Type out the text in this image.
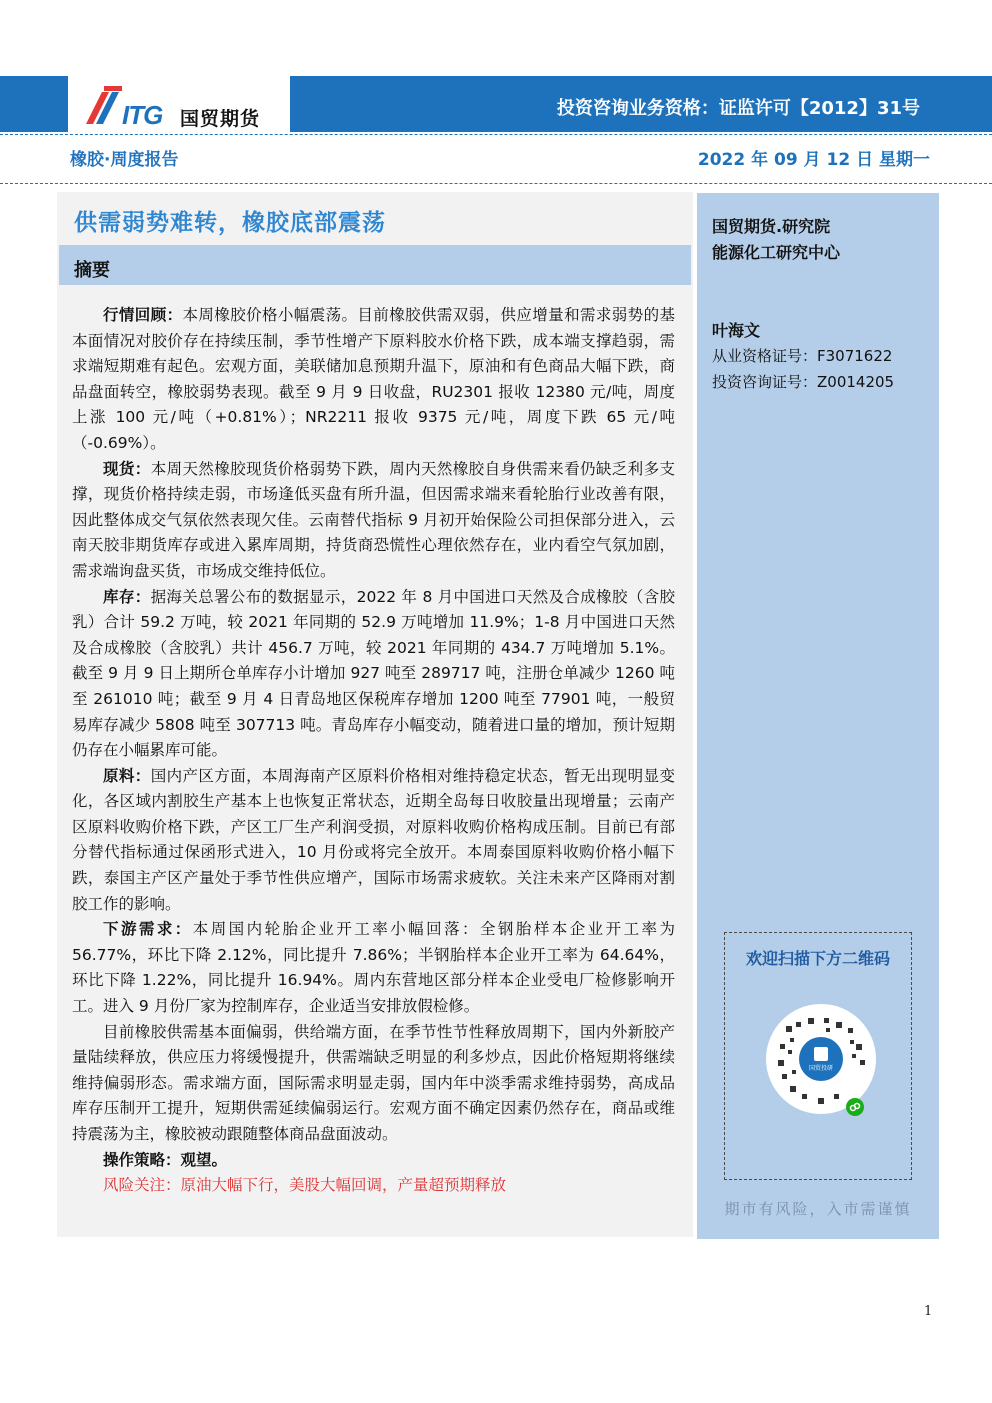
ITG 国贸期货	投资咨询业务资格：证监许可【2012】31号
橡胶·周度报告	2022 年 09 月 12 日 星期一
供需弱势难转，橡胶底部震荡
摘要

行情回顾：本周橡胶价格小幅震荡。目前橡胶供需双弱，供应增量和需求弱势的基本面情况对胶价存在持续压制，季节性增产下原料胶水价格下跌，成本端支撑趋弱，需求端短期难有起色。宏观方面，美联储加息预期升温下，原油和有色商品大幅下跌，商品盘面转空，橡胶弱势表现。截至 9 月 9 日收盘，RU2301 报收 12380 元/吨，周度上涨 100 元/吨（+0.81%）；NR2211 报收 9375 元/吨，周度下跌 65 元/吨（-0.69%）。

现货：本周天然橡胶现货价格弱势下跌，周内天然橡胶自身供需来看仍缺乏利多支撑，现货价格持续走弱，市场逢低买盘有所升温，但因需求端来看轮胎行业改善有限，因此整体成交气氛依然表现欠佳。云南替代指标 9 月初开始保险公司担保部分进入，云南天胶非期货库存或进入累库周期，持货商恐慌性心理依然存在，业内看空气氛加剧，需求端询盘买货，市场成交维持低位。

库存：据海关总署公布的数据显示，2022 年 8 月中国进口天然及合成橡胶（含胶乳）合计 59.2 万吨，较 2021 年同期的 52.9 万吨增加 11.9%；1-8 月中国进口天然及合成橡胶（含胶乳）共计 456.7 万吨，较 2021 年同期的 434.7 万吨增加 5.1%。截至 9 月 9 日上期所仓单库存小计增加 927 吨至 289717 吨，注册仓单减少 1260 吨至 261010 吨；截至 9 月 4 日青岛地区保税库存增加 1200 吨至 77901 吨，一般贸易库存减少 5808 吨至 307713 吨。青岛库存小幅变动，随着进口量的增加，预计短期仍存在小幅累库可能。

原料：国内产区方面，本周海南产区原料价格相对维持稳定状态，暂无出现明显变化，各区域内割胶生产基本上也恢复正常状态，近期全岛每日收胶量出现增量；云南产区原料收购价格下跌，产区工厂生产利润受损，对原料收购价格构成压制。目前已有部分替代指标通过保函形式进入，10 月份或将完全放开。本周泰国原料收购价格小幅下跌，泰国主产区产量处于季节性供应增产，国际市场需求疲软。关注未来产区降雨对割胶工作的影响。

下游需求：本周国内轮胎企业开工率小幅回落：全钢胎样本企业开工率为 56.77%，环比下降 2.12%，同比提升 7.86%；半钢胎样本企业开工率为 64.64%，环比下降 1.22%，同比提升 16.94%。周内东营地区部分样本企业受电厂检修影响开工。进入 9 月份厂家为控制库存，企业适当安排放假检修。

目前橡胶供需基本面偏弱，供给端方面，在季节性节性释放周期下，国内外新胶产量陆续释放，供应压力将缓慢提升，供需端缺乏明显的利多炒点，因此价格短期将继续维持偏弱形态。需求端方面，国际需求明显走弱，国内年中淡季需求维持弱势，高成品库存压制开工提升，短期供需延续偏弱运行。宏观方面不确定因素仍然存在，商品或维持震荡为主，橡胶被动跟随整体商品盘面波动。

操作策略：观望。

风险关注：原油大幅下行，美股大幅回调，产量超预期释放

国贸期货.研究院
能源化工研究中心
叶海文
从业资格证号：F3071622
投资咨询证号：Z0014205
欢迎扫描下方二维码
国贸投研
期市有风险，入市需谨慎
1
